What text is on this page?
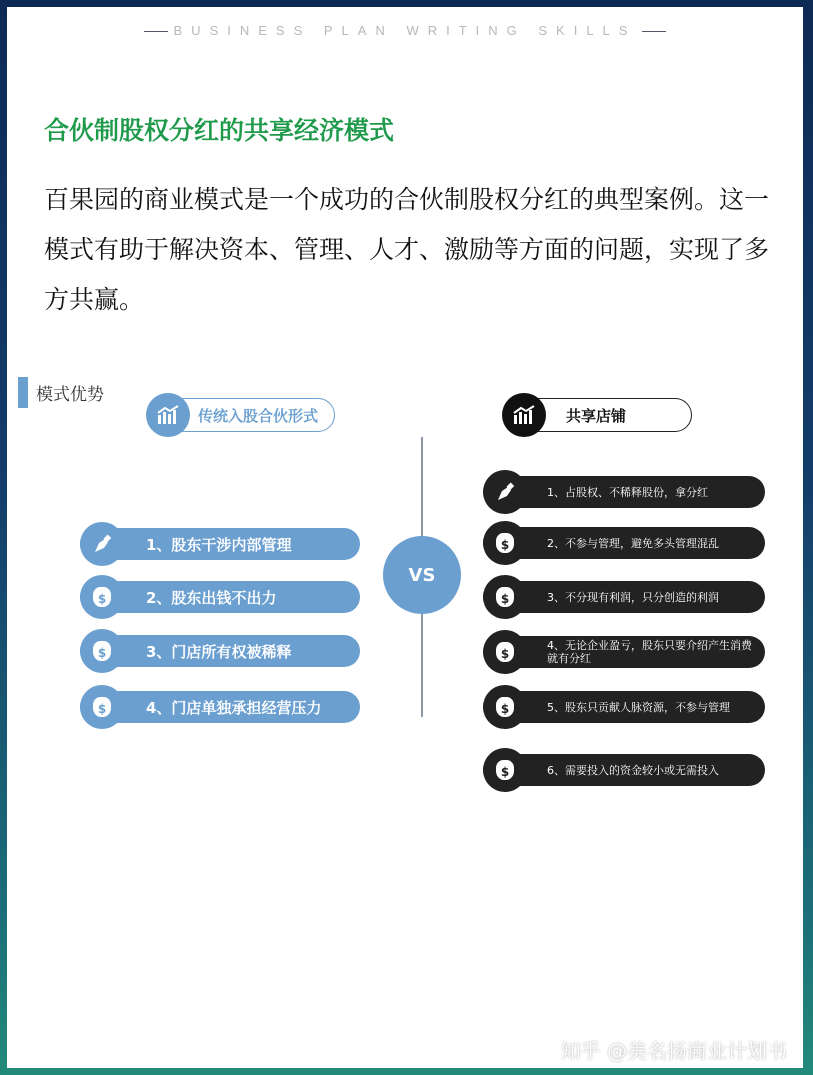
BUSINESS PLAN WRITING SKILLS
合伙制股权分红的共享经济模式
百果园的商业模式是一个成功的合伙制股权分红的典型案例。这一模式有助于解决资本、管理、人才、激励等方面的问题，实现了多方共赢。
模式优势
传统入股合伙形式	共享店铺
VS
1、股东干涉内部管理
$	2、股东出钱不出力
$	3、门店所有权被稀释
$	4、门店单独承担经营压力
1、占股权、不稀释股份，拿分红
$	2、不参与管理，避免多头管理混乱
$	3、不分现有利润，只分创造的利润
$
4、无论企业盈亏，股东只要介绍产生消费就有分红
$	5、股东只贡献人脉资源，不参与管理
$	6、需要投入的资金较小或无需投入
知乎 @美名扬商业计划书
